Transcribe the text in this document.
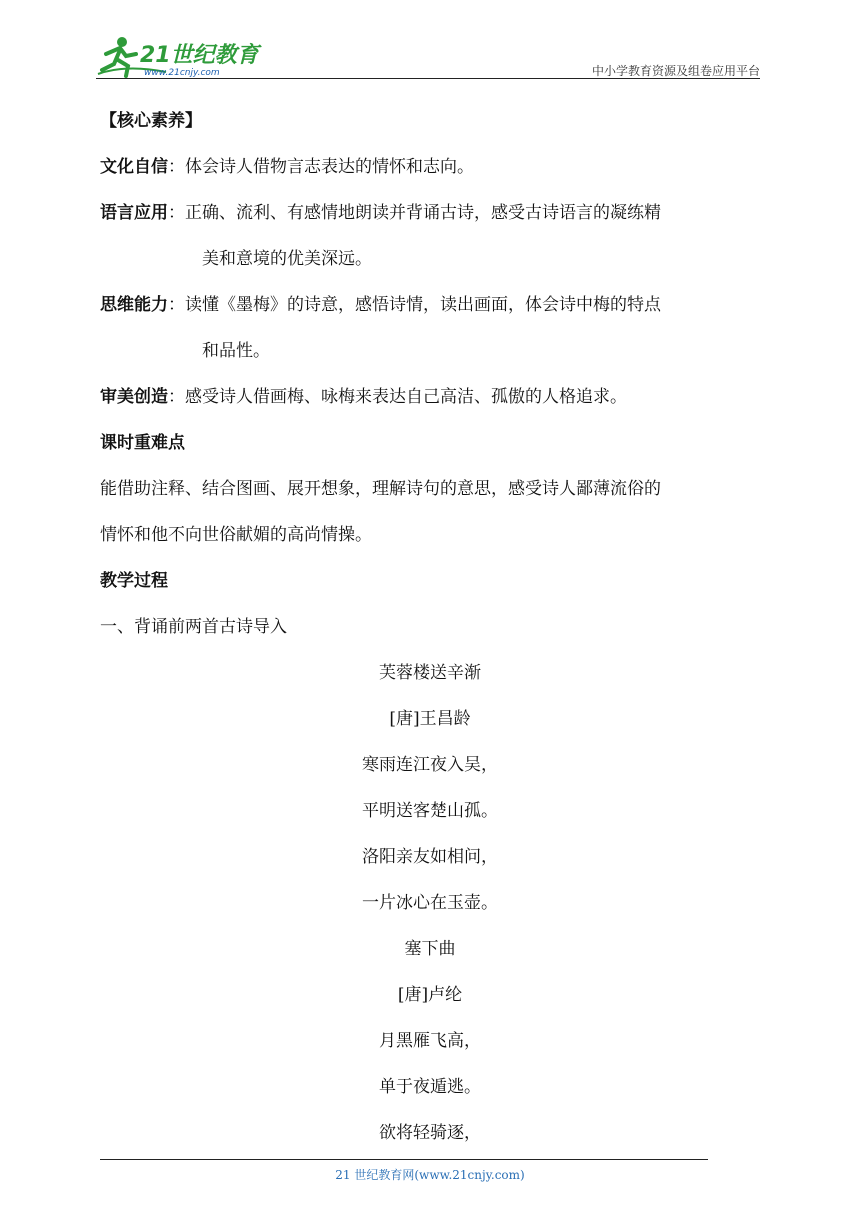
21世纪教育
www.21cnjy.com	中小学教育资源及组卷应用平台
【核心素养】
文化自信：体会诗人借物言志表达的情怀和志向。
语言应用：正确、流利、有感情地朗读并背诵古诗，感受古诗语言的凝练精
美和意境的优美深远。
思维能力：读懂《墨梅》的诗意，感悟诗情，读出画面，体会诗中梅的特点
和品性。
审美创造：感受诗人借画梅、咏梅来表达自己高洁、孤傲的人格追求。
课时重难点
能借助注释、结合图画、展开想象，理解诗句的意思，感受诗人鄙薄流俗的
情怀和他不向世俗献媚的高尚情操。
教学过程
一、背诵前两首古诗导入
芙蓉楼送辛渐
[唐]王昌龄
寒雨连江夜入吴，
平明送客楚山孤。
洛阳亲友如相问，
一片冰心在玉壶。
塞下曲
[唐]卢纶
月黑雁飞高，
单于夜遁逃。
欲将轻骑逐，
21 世纪教育网(www.21cnjy.com)
